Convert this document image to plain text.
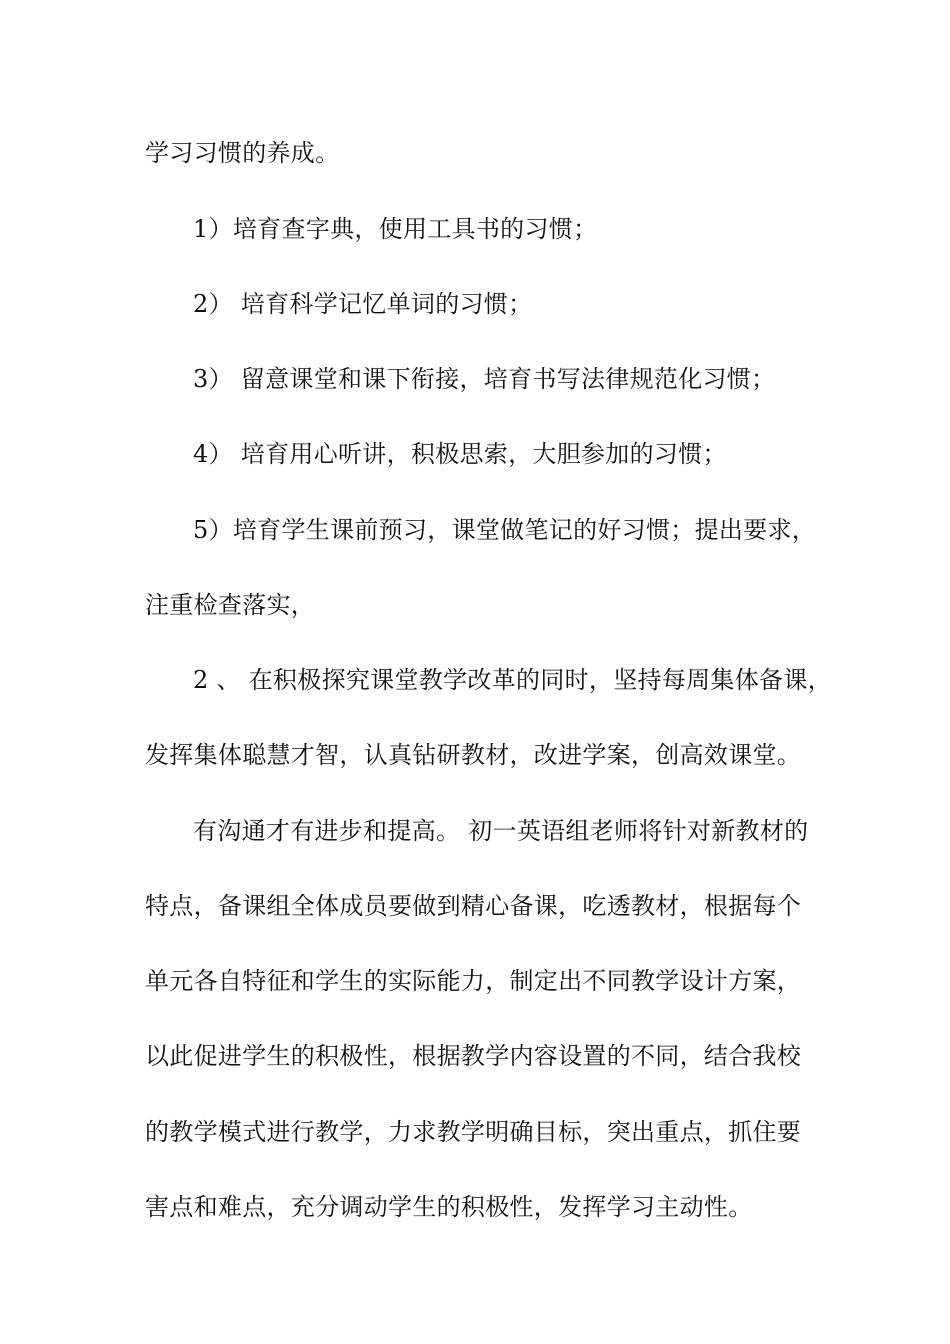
学习习惯的养成。
1）培育查字典，使用工具书的习惯；
2） 培育科学记忆单词的习惯；
3） 留意课堂和课下衔接，培育书写法律规范化习惯；
4） 培育用心听讲，积极思索，大胆参加的习惯；
5）培育学生课前预习，课堂做笔记的好习惯；提出要求，
注重检查落实，
2 、 在积极探究课堂教学改革的同时，坚持每周集体备课，
发挥集体聪慧才智，认真钻研教材，改进学案，创高效课堂。
有沟通才有进步和提高。 初一英语组老师将针对新教材的
特点，备课组全体成员要做到精心备课，吃透教材，根据每个
单元各自特征和学生的实际能力，制定出不同教学设计方案，
以此促进学生的积极性，根据教学内容设置的不同，结合我校
的教学模式进行教学，力求教学明确目标，突出重点，抓住要
害点和难点，充分调动学生的积极性，发挥学习主动性。
